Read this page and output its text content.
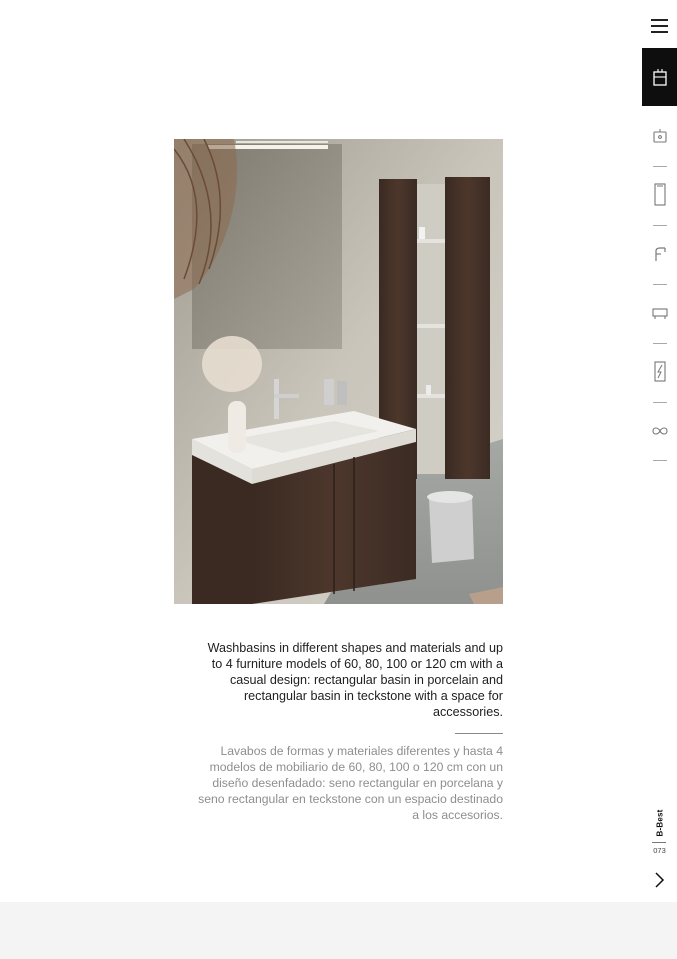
Washbasins in different shapes and materials and up to 4 furniture models of 60, 80, 100 or 120 cm with a casual design: rectangular basin in porcelain and rectangular basin in teckstone with a space for accessories.

Lavabos de formas y materiales diferentes y hasta 4 modelos de mobiliario de 60, 80, 100 o 120 cm con un diseño desenfadado: seno rectangular en porcelana y seno rectangular en teckstone con un espacio destinado a los accesorios.	B-Best
073
